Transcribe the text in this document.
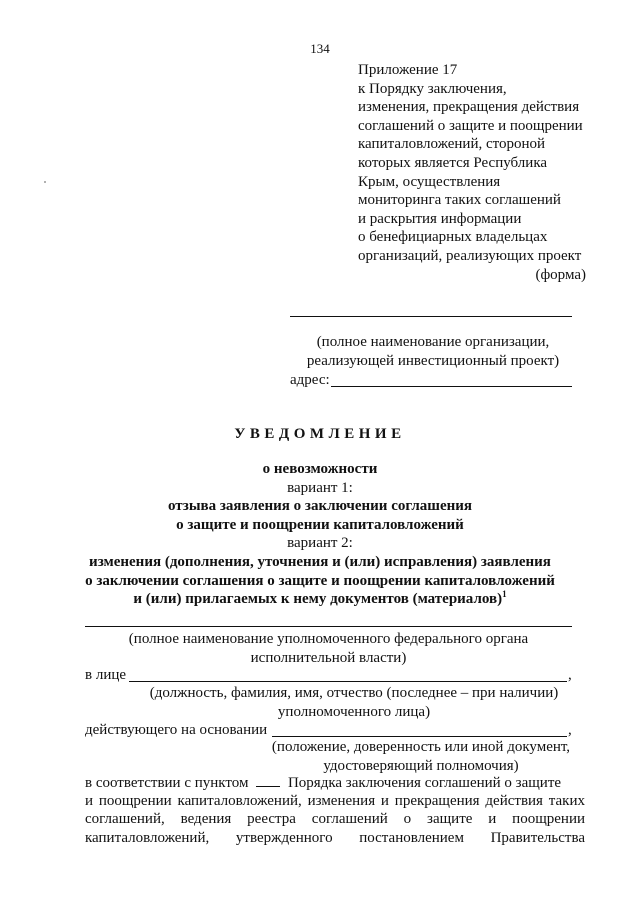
134
Приложение 17
к Порядку заключения,
изменения, прекращения действия
соглашений о защите и поощрении
капиталовложений, стороной
которых является Республика
Крым, осуществления
мониторинга таких соглашений
и раскрытия информации
о бенефициарных владельцах
организаций, реализующих проект
(форма)
(полное наименование организации,
реализующей инвестиционный проект)
адрес:
УВЕДОМЛЕНИЕ
о невозможности
вариант 1:
отзыва заявления о заключении соглашения
о защите и поощрении капиталовложений
вариант 2:
изменения (дополнения, уточнения и (или) исправления) заявления
о заключении соглашения о защите и поощрении капиталовложений
и (или) прилагаемых к нему документов (материалов)$^1$
(полное наименование уполномоченного федерального органа
исполнительной власти)
в лице	,
(должность, фамилия, имя, отчество (последнее – при наличии)
уполномоченного лица)
действующего на основании	,
(положение, доверенность или иной документ,
удостоверяющий полномочия)
в соответствии с пунктом	Порядка заключения соглашений о защите
и поощрении капиталовложений, изменения и прекращения действия таких
соглашений, ведения реестра соглашений о защите и поощрении
капиталовложений, утвержденного постановлением Правительства
